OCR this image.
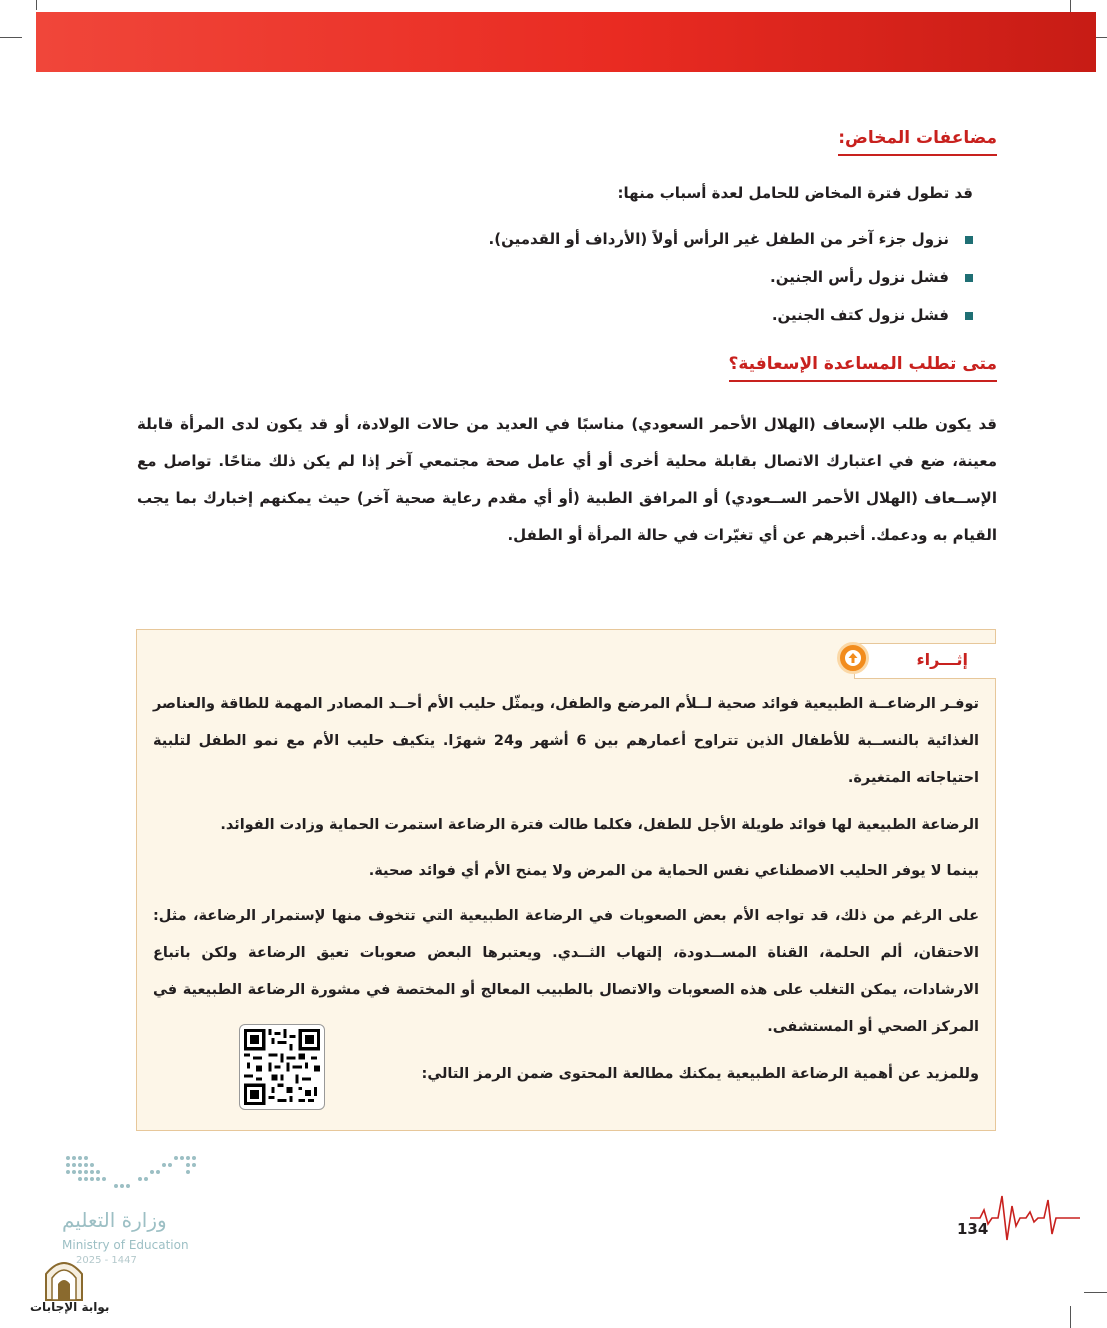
مضاعفات المخاض:
قد تطول فترة المخاض للحامل لعدة أسباب منها:
نزول جزء آخر من الطفل غير الرأس أولاً (الأرداف أو القدمين).
فشل نزول رأس الجنين.
فشل نزول كتف الجنين.
متى تطلب المساعدة الإسعافية؟
قد يكون طلب الإسعاف (الهلال الأحمر السعودي) مناسبًا في العديد من حالات الولادة، أو قد يكون لدى المرأة قابلة معينة، ضع في اعتبارك الاتصال بقابلة محلية أخرى أو أي عامل صحة مجتمعي آخر إذا لم يكن ذلك متاحًا. تواصل مع الإســعاف (الهلال الأحمر الســعودي) أو المرافق الطبية (أو أي مقدم رعاية صحية آخر) حيث يمكنهم إخبارك بما يجب القيام به ودعمك. أخبرهم عن أي تغيّرات في حالة المرأة أو الطفل.
إثـــراء
توفـر الرضاعــة الطبيعية فوائد صحية لــلأم المرضع والطفل، ويمثّل حليب الأم أحــد المصادر المهمة للطاقة والعناصر الغذائية بالنســبة للأطفال الذين تتراوح أعمارهم بين 6 أشهر و24 شهرًا. يتكيف حليب الأم مع نمو الطفل لتلبية احتياجاته المتغيرة.
الرضاعة الطبيعية لها فوائد طويلة الأجل للطفل، فكلما طالت فترة الرضاعة استمرت الحماية وزادت الفوائد.
بينما لا يوفر الحليب الاصطناعي نفس الحماية من المرض ولا يمنح الأم أي فوائد صحية.
على الرغم من ذلك، قد تواجه الأم بعض الصعوبات في الرضاعة الطبيعية التي تتخوف منها لإستمرار الرضاعة، مثل: الاحتقان، ألم الحلمة، القناة المســدودة، إلتهاب الثــدي. ويعتبرها البعض صعوبات تعيق الرضاعة ولكن باتباع الارشادات، يمكن التغلب على هذه الصعوبات والاتصال بالطبيب المعالج أو المختصة في مشورة الرضاعة الطبيعية في المركز الصحي أو المستشفى.
وللمزيد عن أهمية الرضاعة الطبيعية يمكنك مطالعة المحتوى ضمن الرمز التالي:
وزارة التعليم
Ministry of Education
2025 - 1447
134
بوابة الإجابات
